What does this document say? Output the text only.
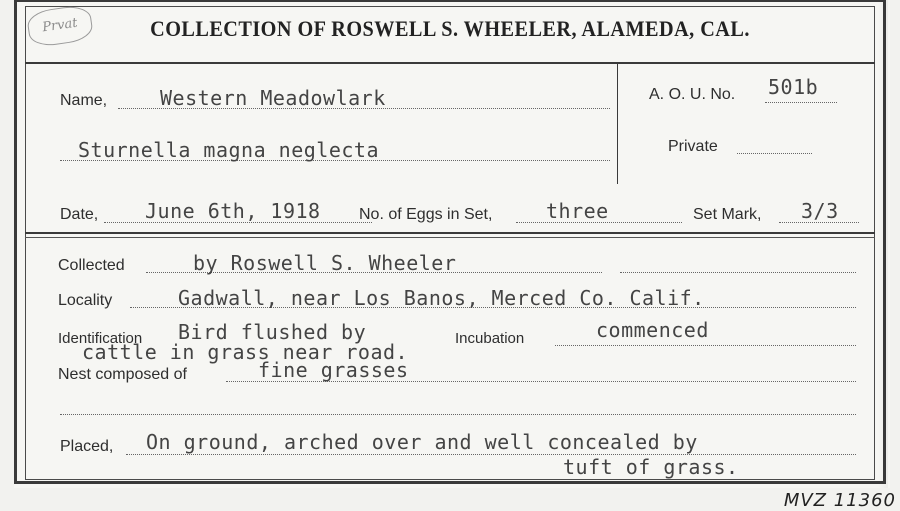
Prvat	COLLECTION OF ROSWELL S. WHEELER, ALAMEDA, CAL.
Name,	Western Meadowlark	A. O. U. No. 501b
Sturnella magna neglecta	Private
Date, June 6th, 1918 No. of Eggs in Set,	three	Set Mark, 3/3
Collected	by Roswell S. Wheeler
Locality	Gadwall, near Los Banos, Merced Co. Calif.
Identification Bird flushed by	Incubation	commenced
cattle in grass near road.
Nest composed of	fine grasses
Placed, On ground, arched over and well concealed by
tuft of grass.
MVZ 11360
